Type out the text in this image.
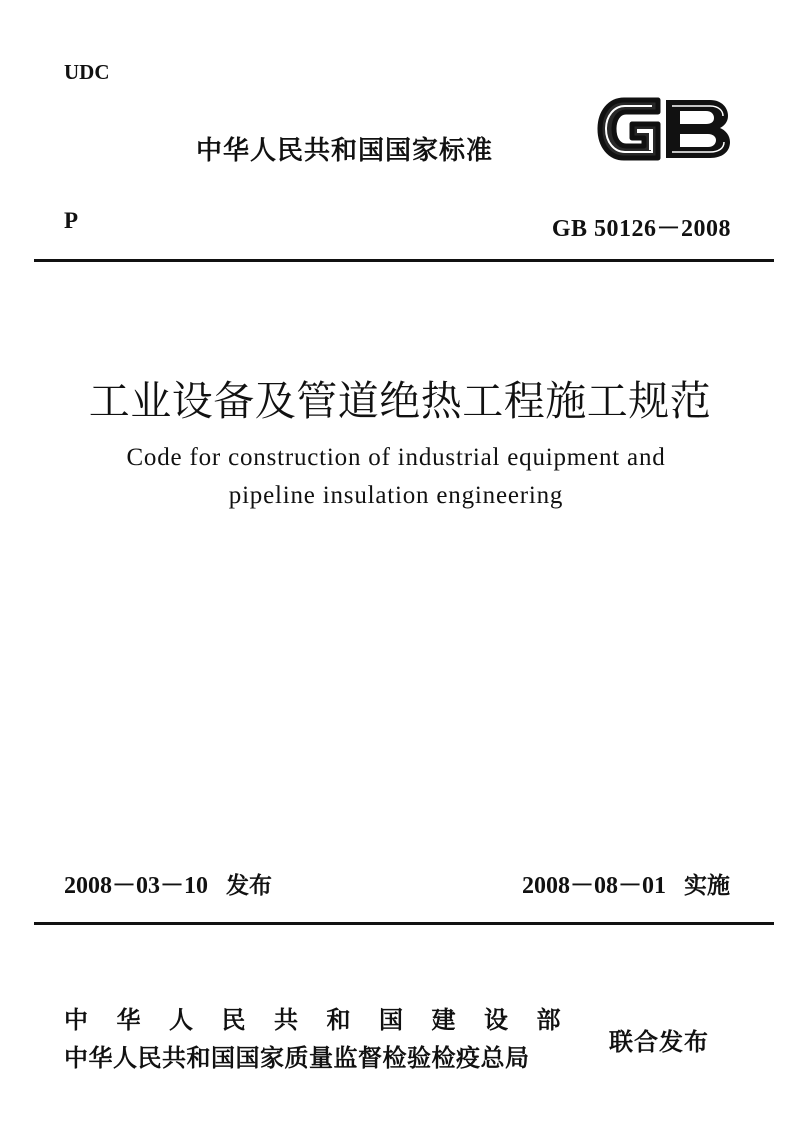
UDC
中华人民共和国国家标准
GB
P	GB 50126－2008
工业设备及管道绝热工程施工规范
Code for construction of industrial equipment and
pipeline insulation engineering
2008－03－10 发布	2008－08－01 实施
中华人民共和国建设部
中华人民共和国国家质量监督检验检疫总局
联合发布
